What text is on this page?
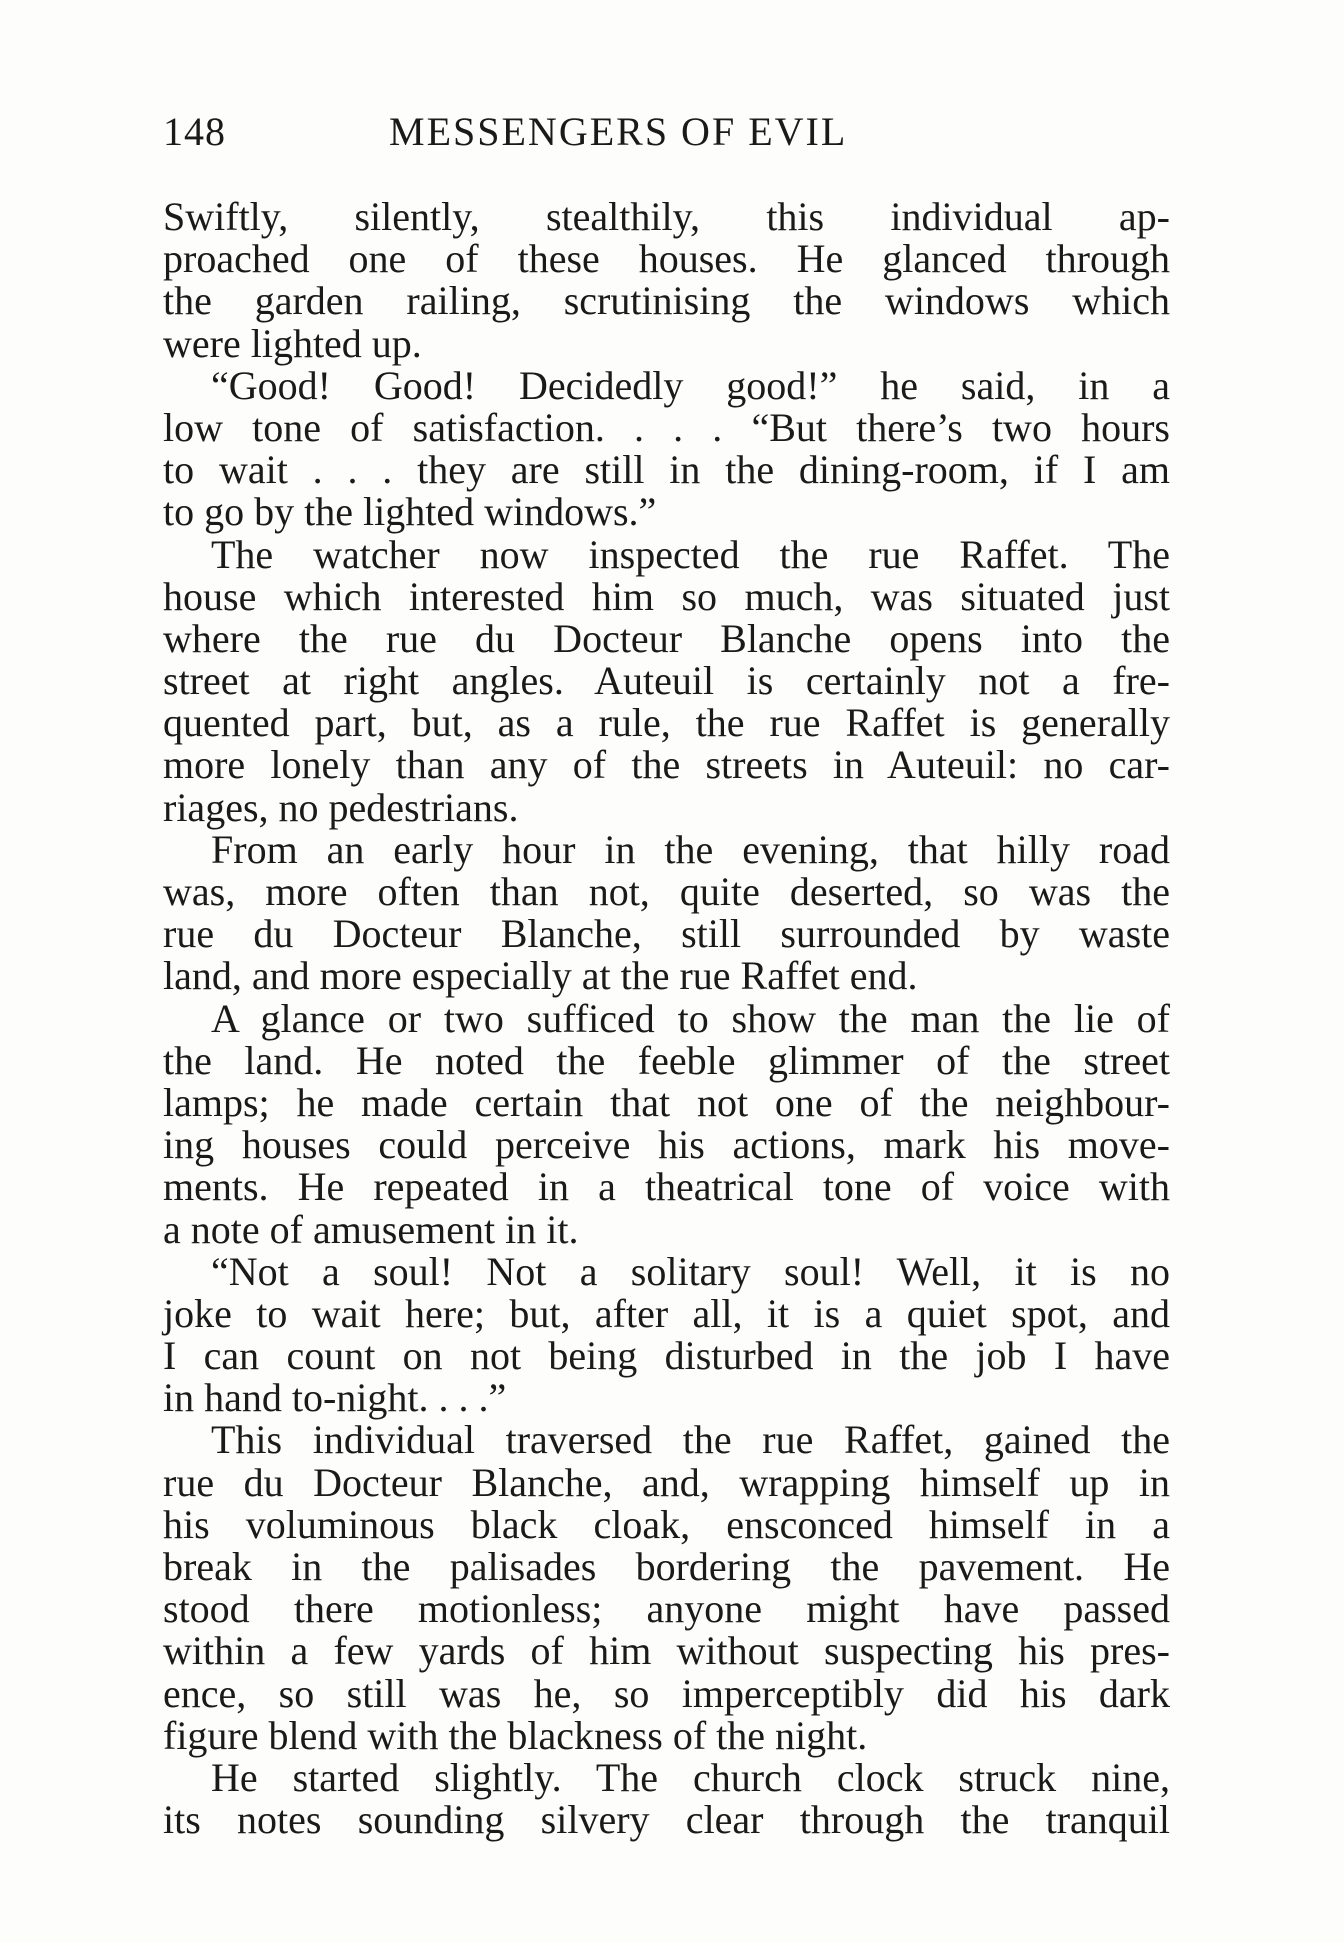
148	MESSENGERS OF EVIL
Swiftly, silently, stealthily, this individual ap-
proached one of these houses. He glanced through
the garden railing, scrutinising the windows which
were lighted up.
“Good! Good! Decidedly good!” he said, in a
low tone of satisfaction. . . . “But there’s two hours
to wait . . . they are still in the dining-room, if I am
to go by the lighted windows.”
The watcher now inspected the rue Raffet. The
house which interested him so much, was situated just
where the rue du Docteur Blanche opens into the
street at right angles. Auteuil is certainly not a fre-
quented part, but, as a rule, the rue Raffet is generally
more lonely than any of the streets in Auteuil: no car-
riages, no pedestrians.
From an early hour in the evening, that hilly road
was, more often than not, quite deserted, so was the
rue du Docteur Blanche, still surrounded by waste
land, and more especially at the rue Raffet end.
A glance or two sufficed to show the man the lie of
the land. He noted the feeble glimmer of the street
lamps; he made certain that not one of the neighbour-
ing houses could perceive his actions, mark his move-
ments. He repeated in a theatrical tone of voice with
a note of amusement in it.
“Not a soul! Not a solitary soul! Well, it is no
joke to wait here; but, after all, it is a quiet spot, and
I can count on not being disturbed in the job I have
in hand to-night. . . .”
This individual traversed the rue Raffet, gained the
rue du Docteur Blanche, and, wrapping himself up in
his voluminous black cloak, ensconced himself in a
break in the palisades bordering the pavement. He
stood there motionless; anyone might have passed
within a few yards of him without suspecting his pres-
ence, so still was he, so imperceptibly did his dark
figure blend with the blackness of the night.
He started slightly. The church clock struck nine,
its notes sounding silvery clear through the tranquil
